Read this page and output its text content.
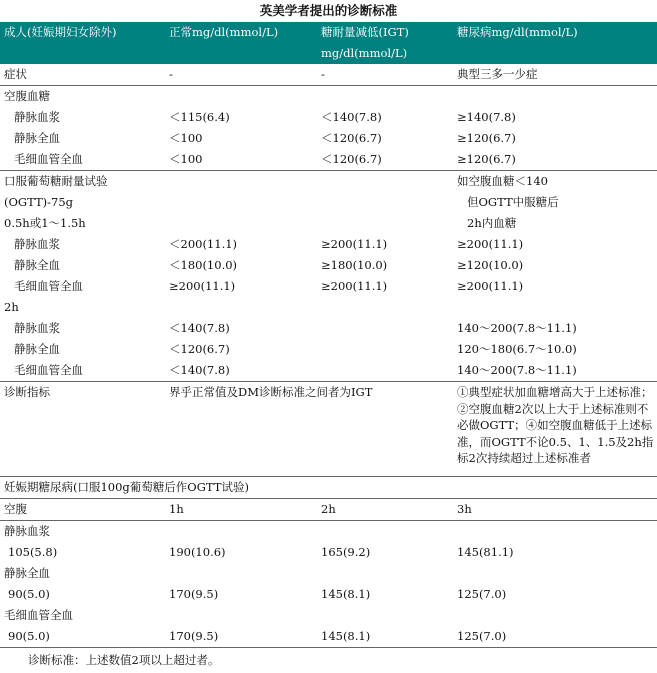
英美学者提出的诊断标准
成人(妊娠期妇女除外)	正常mg/dl(mmol/L)	糖耐量减低(IGT)	糖尿病mg/dl(mmol/L)
		mg/dl(mmol/L)	
症状	-	-	典型三多一少症
空腹血糖			
静脉血浆	＜115(6.4)	＜140(7.8)	≥140(7.8)
静脉全血	＜100	＜120(6.7)	≥120(6.7)
毛细血管全血	＜100	＜120(6.7)	≥120(6.7)
口服葡萄糖耐量试验			如空腹血糖＜140
(OGTT)-75g			但OGTT中服糖后
0.5h或1～1.5h			2h内血糖
静脉血浆	＜200(11.1)	≥200(11.1)	≥200(11.1)
静脉全血	＜180(10.0)	≥180(10.0)	≥120(10.0)
毛细血管全血	≥200(11.1)	≥200(11.1)	≥200(11.1)
2h			
静脉血浆	＜140(7.8)		140～200(7.8～11.1)
静脉全血	＜120(6.7)		120～180(6.7～10.0)
毛细血管全血	＜140(7.8)		140～200(7.8～11.1)
诊断指标	界乎正常值及DM诊断标准之间者为IGT		①典型症状加血糖增高大于上述标准；②空腹血糖2次以上大于上述标准则不必做OGTT；④如空腹血糖低于上述标准，而OGTT不论0.5、1、1.5及2h指标2次持续超过上述标准者
妊娠期糖尿病(口服100g葡萄糖后作OGTT试验)			
空腹	1h	2h	3h
静脉血浆			
105(5.8)	190(10.6)	165(9.2)	145(81.1)
静脉全血			
90(5.0)	170(9.5)	145(8.1)	125(7.0)
毛细血管全血			
90(5.0)	170(9.5)	145(8.1)	125(7.0)
诊断标准：上述数值2项以上超过者。
